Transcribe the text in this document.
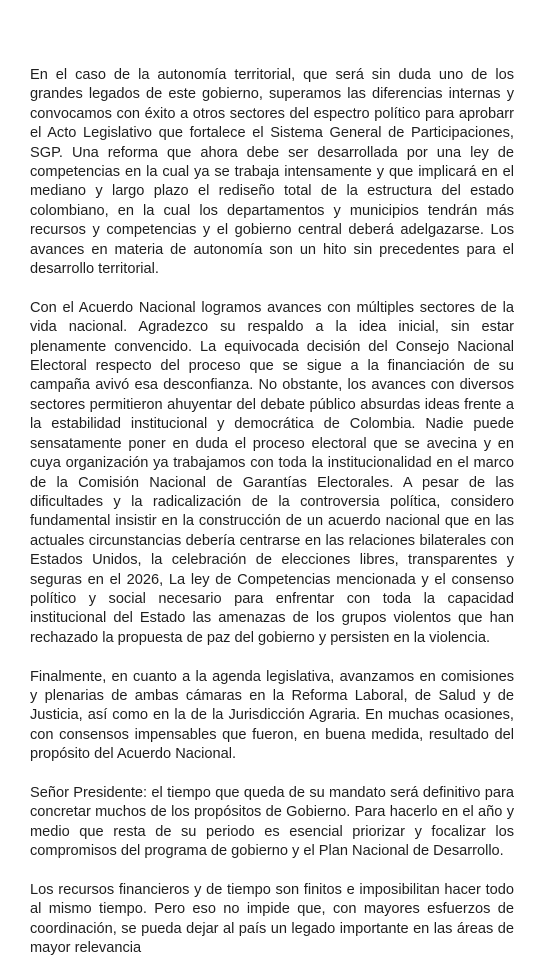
En el caso de la autonomía territorial, que será sin duda uno de los grandes legados de este gobierno, superamos las diferencias internas y convocamos con éxito a otros sectores del espectro político para aprobarr el Acto Legislativo que fortalece el Sistema General de Participaciones, SGP. Una reforma que ahora debe ser desarrollada por una ley de competencias en la cual ya se trabaja intensamente y que implicará en el mediano y largo plazo el rediseño total de la estructura del estado colombiano, en la cual los departamentos y municipios tendrán más recursos y competencias y el gobierno central deberá adelgazarse. Los avances en materia de autonomía son un hito sin precedentes para el desarrollo territorial.

Con el Acuerdo Nacional logramos avances con múltiples sectores de la vida nacional. Agradezco su respaldo a la idea inicial, sin estar plenamente convencido. La equivocada decisión del Consejo Nacional Electoral respecto del proceso que se sigue a la financiación de su campaña avivó esa desconfianza. No obstante, los avances con diversos sectores permitieron ahuyentar del debate público absurdas ideas frente a la estabilidad institucional y democrática de Colombia. Nadie puede sensatamente poner en duda el proceso electoral que se avecina y en cuya organización ya trabajamos con toda la institucionalidad en el marco de la Comisión Nacional de Garantías Electorales. A pesar de las dificultades y la radicalización de la controversia política, considero fundamental insistir en la construcción de un acuerdo nacional que en las actuales circunstancias debería centrarse en las relaciones bilaterales con Estados Unidos, la celebración de elecciones libres, transparentes y seguras en el 2026, La ley de Competencias mencionada y el consenso político y social necesario para enfrentar con toda la capacidad institucional del Estado las amenazas de los grupos violentos que han rechazado la propuesta de paz del gobierno y persisten en la violencia.

Finalmente, en cuanto a la agenda legislativa, avanzamos en comisiones y plenarias de ambas cámaras en la Reforma Laboral, de Salud y de Justicia, así como en la de la Jurisdicción Agraria. En muchas ocasiones, con consensos impensables que fueron, en buena medida, resultado del propósito del Acuerdo Nacional.

Señor Presidente: el tiempo que queda de su mandato será definitivo para concretar muchos de los propósitos de Gobierno. Para hacerlo en el año y medio que resta de su periodo es esencial priorizar y focalizar los compromisos del programa de gobierno y el Plan Nacional de Desarrollo.

Los recursos financieros y de tiempo son finitos e imposibilitan hacer todo al mismo tiempo. Pero eso no impide que, con mayores esfuerzos de coordinación, se pueda dejar al país un legado importante en las áreas de mayor relevancia
